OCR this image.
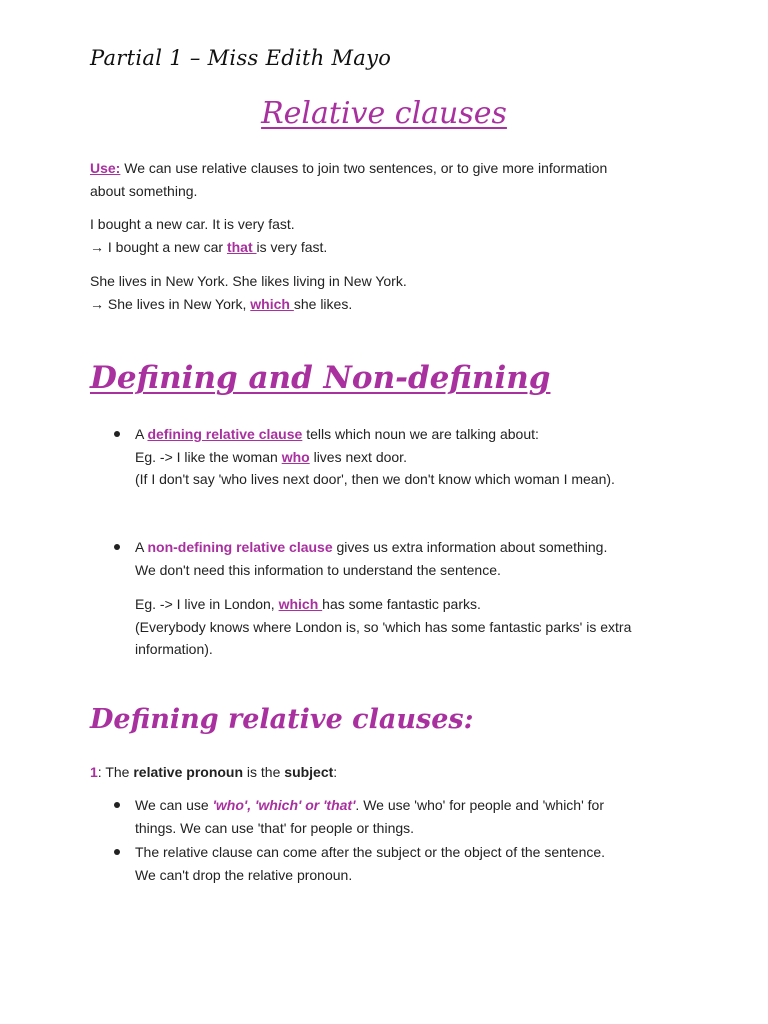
Partial 1 – Miss Edith Mayo
Relative clauses
Use: We can use relative clauses to join two sentences, or to give more information
about something.
I bought a new car. It is very fast.
→ I bought a new car that is very fast.
She lives in New York. She likes living in New York.
→ She lives in New York, which she likes.
Defining and Non-defining
A defining relative clause tells which noun we are talking about:
Eg. -> I like the woman who lives next door.
(If I don't say 'who lives next door', then we don't know which woman I mean).
A non-defining relative clause gives us extra information about something.
We don't need this information to understand the sentence.
Eg. -> I live in London, which has some fantastic parks.
(Everybody knows where London is, so 'which has some fantastic parks' is extra
information).
Defining relative clauses:
1: The relative pronoun is the subject:
We can use 'who', 'which' or 'that'. We use 'who' for people and 'which' for
things. We can use 'that' for people or things.
The relative clause can come after the subject or the object of the sentence.
We can't drop the relative pronoun.
